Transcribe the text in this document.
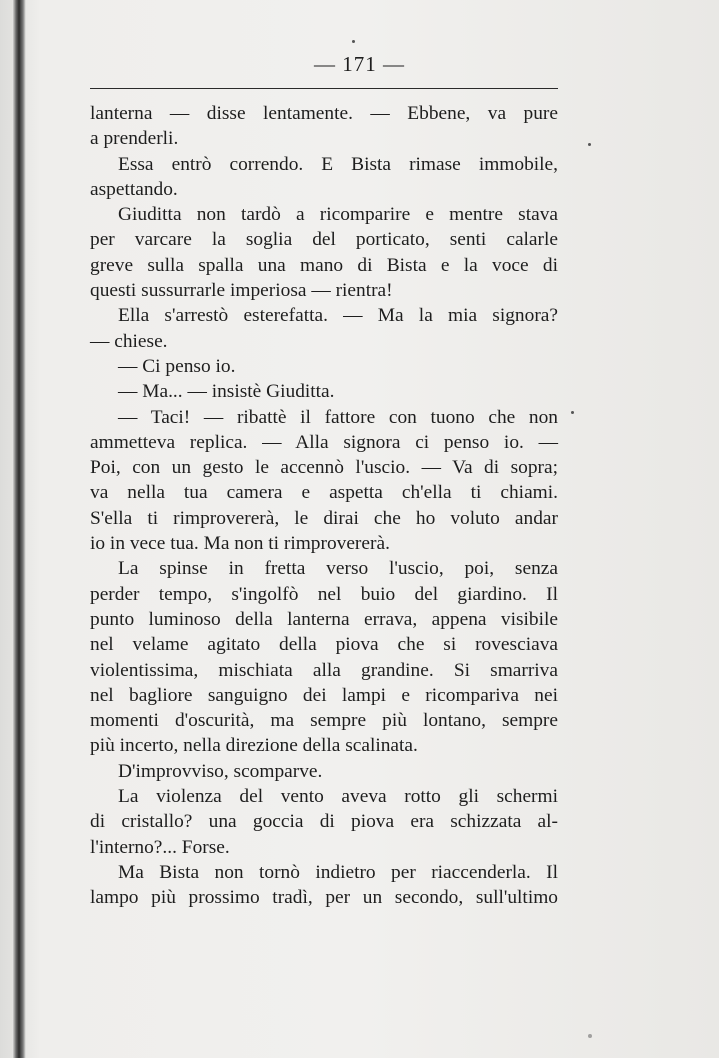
— 171 —
lanterna — disse lentamente. — Ebbene, va pure
a prenderli.
Essa entrò correndo. E Bista rimase immobile,
aspettando.
Giuditta non tardò a ricomparire e mentre stava
per varcare la soglia del porticato, senti calarle
greve sulla spalla una mano di Bista e la voce di
questi sussurrarle imperiosa — rientra!
Ella s'arrestò esterefatta. — Ma la mia signora?
— chiese.
— Ci penso io.
— Ma... — insistè Giuditta.
— Taci! — ribattè il fattore con tuono che non
ammetteva replica. — Alla signora ci penso io. —
Poi, con un gesto le accennò l'uscio. — Va di sopra;
va nella tua camera e aspetta ch'ella ti chiami.
S'ella ti rimprovererà, le dirai che ho voluto andar
io in vece tua. Ma non ti rimprovererà.
La spinse in fretta verso l'uscio, poi, senza
perder tempo, s'ingolfò nel buio del giardino. Il
punto luminoso della lanterna errava, appena visibile
nel velame agitato della piova che si rovesciava
violentissima, mischiata alla grandine. Si smarriva
nel bagliore sanguigno dei lampi e ricompariva nei
momenti d'oscurità, ma sempre più lontano, sempre
più incerto, nella direzione della scalinata.
D'improvviso, scomparve.
La violenza del vento aveva rotto gli schermi
di cristallo? una goccia di piova era schizzata al-
l'interno?... Forse.
Ma Bista non tornò indietro per riaccenderla. Il
lampo più prossimo tradì, per un secondo, sull'ultimo
